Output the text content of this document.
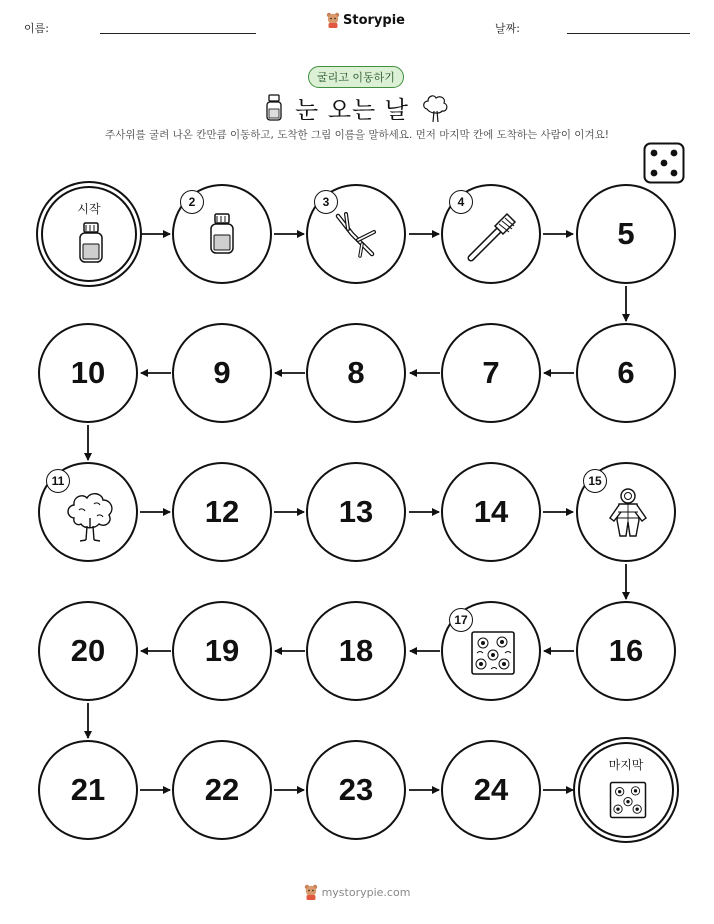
이름:
Storypie
날짜:
굴리고 이동하기
눈 오는 날
주사위를 굴려 나온 칸만큼 이동하고, 도착한 그림 이름을 말하세요. 먼저 마지막 칸에 도착하는 사람이 이겨요!
시작	2	3	4
5
10	9	8	7	6
11
12	13	14
15
20	19	18
17
16
21	22	23	24
마지막
mystorypie.com
